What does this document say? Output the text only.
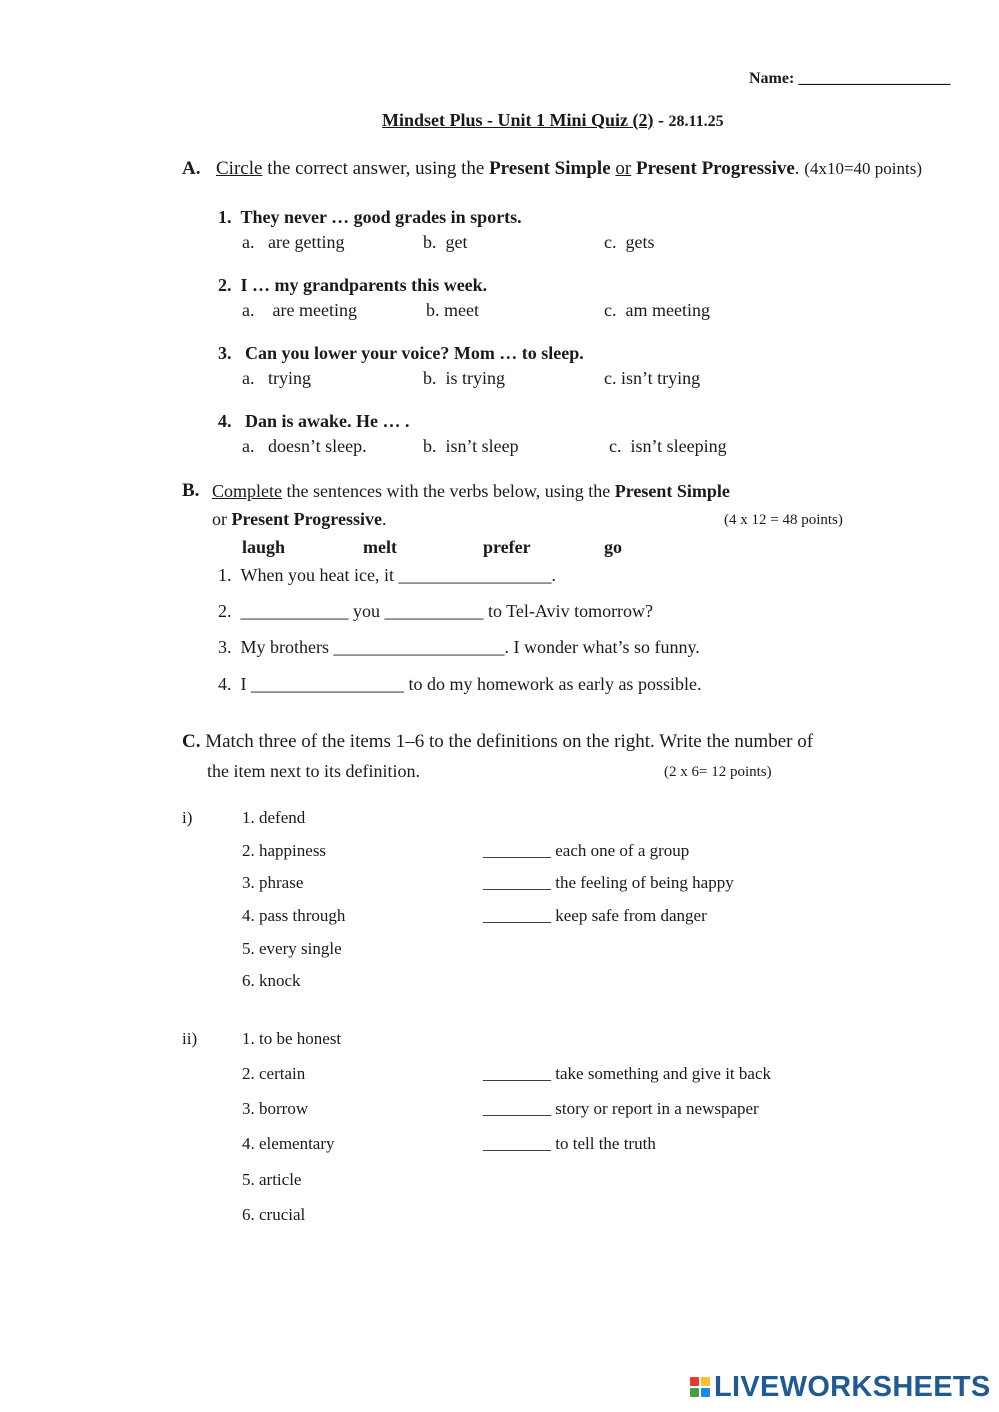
Name: ___________________
Mindset Plus - Unit 1 Mini Quiz (2) - 28.11.25
A. Circle the correct answer, using the Present Simple or Present Progressive. (4x10=40 points)
1. They never … good grades in sports.
a. are getting	b. get	c. gets
2. I … my grandparents this week.
a. are meeting	b. meet	c. am meeting
3. Can you lower your voice? Mom … to sleep.
a. trying	b. is trying	c. isn’t trying
4. Dan is awake. He … .
a. doesn’t sleep.	b. isn’t sleep	c. isn’t sleeping
B. Complete the sentences with the verbs below, using the Present Simple
or Present Progressive.	(4 x 12 = 48 points)
laugh	melt	prefer	go
1. When you heat ice, it _________________.
2. ____________ you ___________ to Tel-Aviv tomorrow?
3. My brothers ___________________. I wonder what’s so funny.
4. I _________________ to do my homework as early as possible.
C. Match three of the items 1–6 to the definitions on the right. Write the number of
the item next to its definition.	(2 x 6= 12 points)
i)	1. defend
2. happiness
3. phrase
4. pass through
5. every single
6. knock
________ each one of a group
________ the feeling of being happy
________ keep safe from danger
ii)	1. to be honest
2. certain
3. borrow
4. elementary
5. article
6. crucial
________ take something and give it back
________ story or report in a newspaper
________ to tell the truth
LIVEWORKSHEETS
